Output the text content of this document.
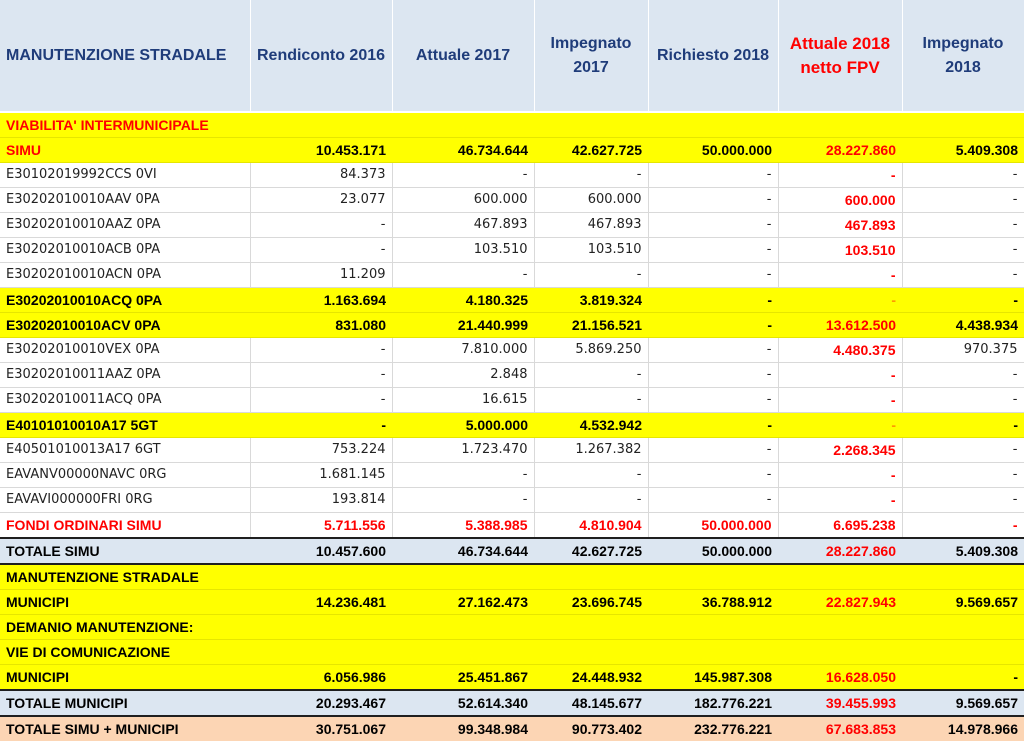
MANUTENZIONE STRADALE	Rendiconto 2016	Attuale 2017	Impegnato 2017	Richiesto 2018	Attuale 2018 netto FPV	Impegnato 2018
VIABILITA' INTERMUNICIPALE						
SIMU	10.453.171	46.734.644	42.627.725	50.000.000	28.227.860	5.409.308
E30102019992CCS 0VI	84.373	-	-	-	-	-
E30202010010AAV 0PA	23.077	600.000	600.000	-	600.000	-
E30202010010AAZ 0PA	-	467.893	467.893	-	467.893	-
E30202010010ACB 0PA	-	103.510	103.510	-	103.510	-
E30202010010ACN 0PA	11.209	-	-	-	-	-
E30202010010ACQ 0PA	1.163.694	4.180.325	3.819.324	-	-	-
E30202010010ACV 0PA	831.080	21.440.999	21.156.521	-	13.612.500	4.438.934
E30202010010VEX 0PA	-	7.810.000	5.869.250	-	4.480.375	970.375
E30202010011AAZ 0PA	-	2.848	-	-	-	-
E30202010011ACQ 0PA	-	16.615	-	-	-	-
E40101010010A17 5GT	-	5.000.000	4.532.942	-	-	-
E40501010013A17 6GT	753.224	1.723.470	1.267.382	-	2.268.345	-
EAVANV00000NAVC 0RG	1.681.145	-	-	-	-	-
EAVAVI000000FRI 0RG	193.814	-	-	-	-	-
FONDI ORDINARI SIMU	5.711.556	5.388.985	4.810.904	50.000.000	6.695.238	-
TOTALE SIMU	10.457.600	46.734.644	42.627.725	50.000.000	28.227.860	5.409.308
MANUTENZIONE STRADALE						
MUNICIPI	14.236.481	27.162.473	23.696.745	36.788.912	22.827.943	9.569.657
DEMANIO MANUTENZIONE:						
VIE DI COMUNICAZIONE						
MUNICIPI	6.056.986	25.451.867	24.448.932	145.987.308	16.628.050	-
TOTALE MUNICIPI	20.293.467	52.614.340	48.145.677	182.776.221	39.455.993	9.569.657
TOTALE SIMU + MUNICIPI	30.751.067	99.348.984	90.773.402	232.776.221	67.683.853	14.978.966
